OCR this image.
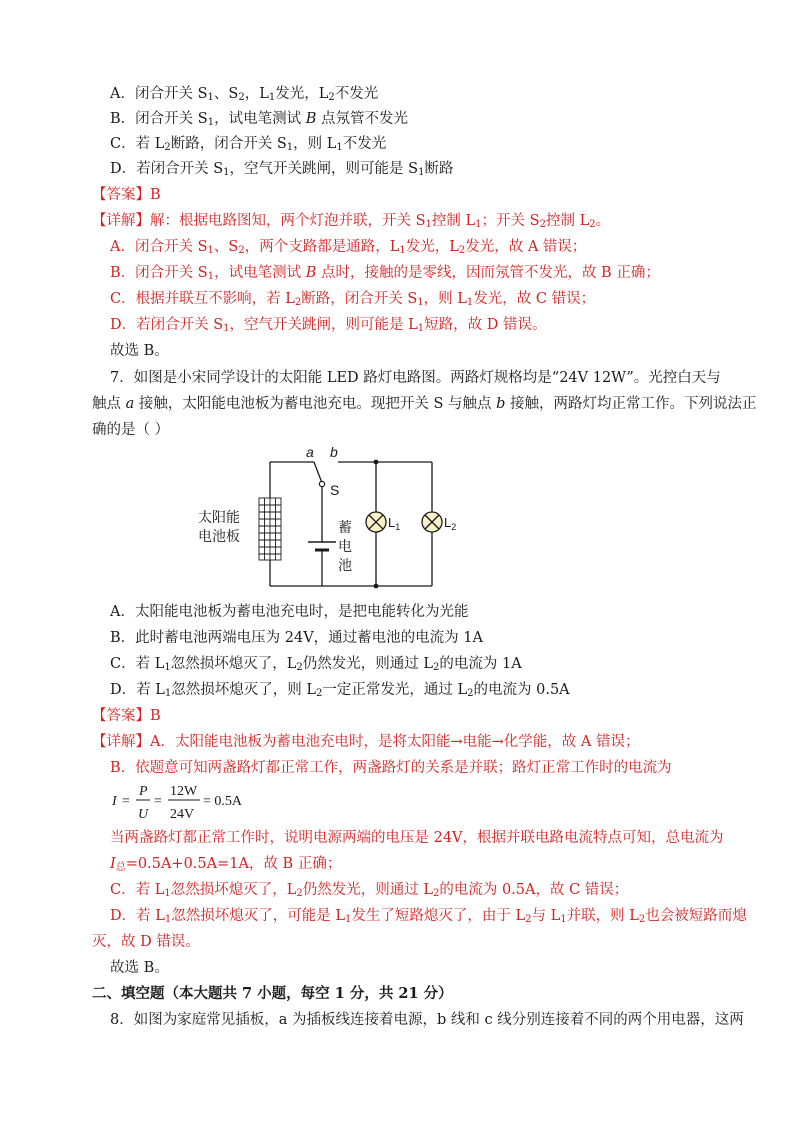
A．闭合开关 $S_1$、$S_2$，$L_1$发光，$L_2$不发光
B．闭合开关 $S_1$，试电笔测试 B 点氖管不发光
C．若 $L_2$断路，闭合开关 $S_1$，则 $L_1$不发光
D．若闭合开关 $S_1$，空气开关跳闸，则可能是 $S_1$断路
【答案】B
【详解】解：根据电路图知，两个灯泡并联，开关 $S_1$控制 $L_1$；开关 $S_2$控制 $L_2$。
A．闭合开关 $S_1$、$S_2$，两个支路都是通路，$L_1$发光，$L_2$发光，故 A 错误；
B．闭合开关 $S_1$，试电笔测试 B 点时，接触的是零线，因而氖管不发光，故 B 正确；
C．根据并联互不影响，若 $L_2$断路，闭合开关 $S_1$，则 $L_1$发光，故 C 错误；
D．若闭合开关 $S_1$，空气开关跳闸，则可能是 $L_1$短路，故 D 错误。
故选 B。
7．如图是小宋同学设计的太阳能 LED 路灯电路图。两路灯规格均是“24V 12W”。光控白天与
触点 a 接触，太阳能电池板为蓄电池充电。现把开关 S 与触点 b 接触，两路灯均正常工作。下列说法正
确的是（ ）
a b
S
太阳能
电池板
蓄
电
池
$L_1$	$L_2$
A．太阳能电池板为蓄电池充电时，是把电能转化为光能
B．此时蓄电池两端电压为 24V，通过蓄电池的电流为 1A
C．若 $L_1$忽然损坏熄灭了，$L_2$仍然发光，则通过 $L_2$的电流为 1A
D．若 $L_1$忽然损坏熄灭了，则 $L_2$一定正常发光，通过 $L_2$的电流为 0.5A
【答案】B
【详解】A．太阳能电池板为蓄电池充电时，是将太阳能→电能→化学能，故 A 错误；
B．依题意可知两盏路灯都正常工作，两盏路灯的关系是并联；路灯正常工作时的电流为
I =
P
U
=
12W
24V
= 0.5A
当两盏路灯都正常工作时，说明电源两端的电压是 24V，根据并联电路电流特点可知，总电流为
$I_总=0.5A+0.5A=1A$，故 B 正确；
C．若 $L_1$忽然损坏熄灭了，$L_2$仍然发光，则通过 $L_2$的电流为 0.5A，故 C 错误；
D．若 $L_1$忽然损坏熄灭了，可能是 $L_1$发生了短路熄灭了，由于 $L_2$与 $L_1$并联，则 $L_2$也会被短路而熄
灭，故 D 错误。
故选 B。
二、填空题（本大题共 7 小题，每空 1 分，共 21 分）
8．如图为家庭常见插板，a 为插板线连接着电源，b 线和 c 线分别连接着不同的两个用电器，这两
